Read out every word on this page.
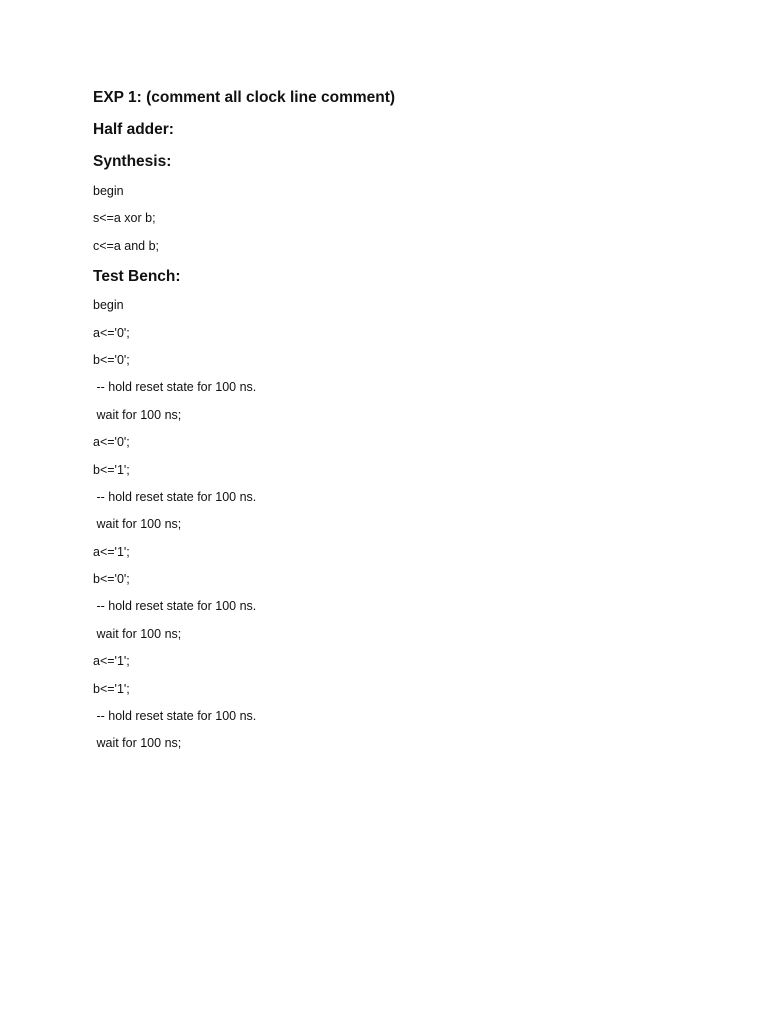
EXP 1: (comment all clock line comment)

Half adder:

Synthesis:

begin

s<=a xor b;

c<=a and b;

Test Bench:

begin

a<='0';

b<='0';

-- hold reset state for 100 ns.

wait for 100 ns;

a<='0';

b<='1';

-- hold reset state for 100 ns.

wait for 100 ns;

a<='1';

b<='0';

-- hold reset state for 100 ns.

wait for 100 ns;

a<='1';

b<='1';

-- hold reset state for 100 ns.

wait for 100 ns;
